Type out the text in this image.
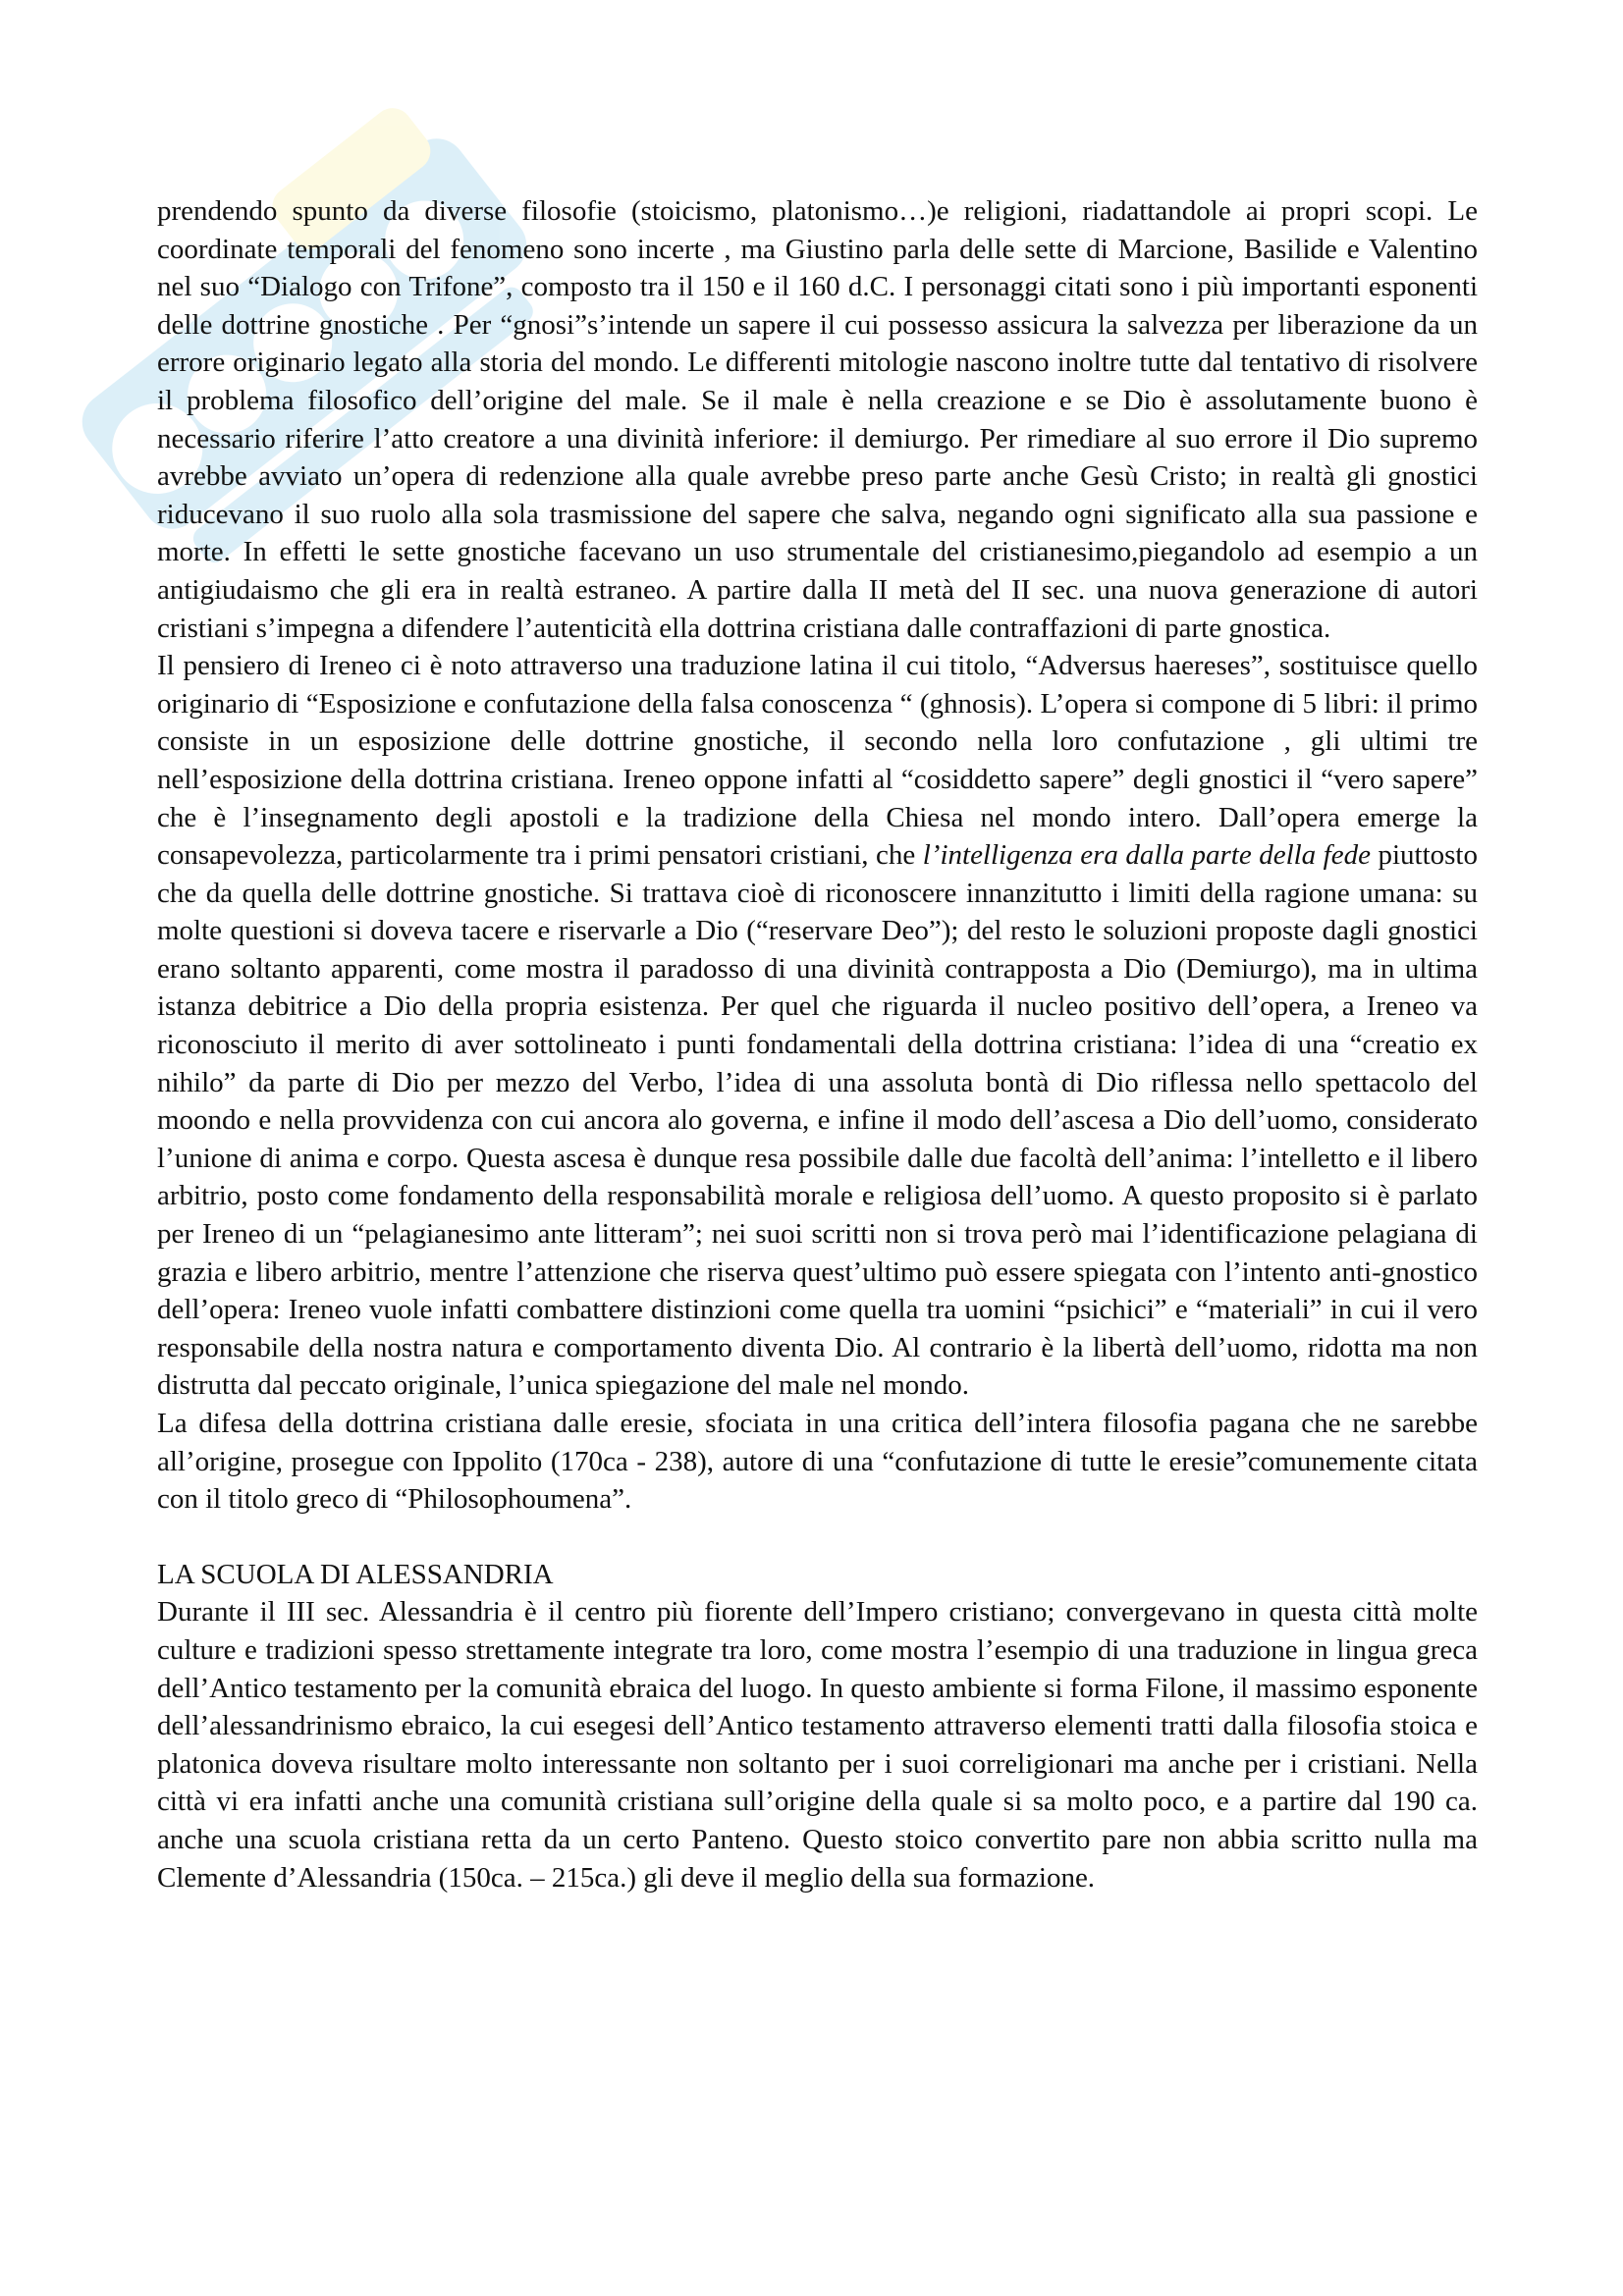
prendendo spunto da diverse filosofie (stoicismo, platonismo…)e religioni, riadattandole ai propri scopi. Le coordinate temporali del fenomeno sono incerte , ma Giustino parla delle sette di Marcione, Basilide e Valentino nel suo “Dialogo con Trifone”, composto tra il 150 e il 160 d.C. I personaggi citati sono i più importanti esponenti delle dottrine gnostiche . Per “gnosi”s’intende un sapere il cui possesso assicura la salvezza per liberazione da un errore originario legato alla storia del mondo. Le differenti mitologie nascono inoltre tutte dal tentativo di risolvere il problema filosofico dell’origine del male. Se il male è nella creazione e se Dio è assolutamente buono è necessario riferire l’atto creatore a una divinità inferiore: il demiurgo. Per rimediare al suo errore il Dio supremo avrebbe avviato un’opera di redenzione alla quale avrebbe preso parte anche Gesù Cristo; in realtà gli gnostici riducevano il suo ruolo alla sola trasmissione del sapere che salva, negando ogni significato alla sua passione e morte. In effetti le sette gnostiche facevano un uso strumentale del cristianesimo,piegandolo ad esempio a un antigiudaismo che gli era in realtà estraneo. A partire dalla II metà del II sec. una nuova generazione di autori cristiani s’impegna a difendere l’autenticità ella dottrina cristiana dalle contraffazioni di parte gnostica.

Il pensiero di Ireneo ci è noto attraverso una traduzione latina il cui titolo, “Adversus haereses”, sostituisce quello originario di “Esposizione e confutazione della falsa conoscenza “ (ghnosis). L’opera si compone di 5 libri: il primo consiste in un esposizione delle dottrine gnostiche, il secondo nella loro confutazione , gli ultimi tre nell’esposizione della dottrina cristiana. Ireneo oppone infatti al “cosiddetto sapere” degli gnostici il “vero sapere” che è l’insegnamento degli apostoli e la tradizione della Chiesa nel mondo intero. Dall’opera emerge la consapevolezza, particolarmente tra i primi pensatori cristiani, che l’intelligenza era dalla parte della fede piuttosto che da quella delle dottrine gnostiche. Si trattava cioè di riconoscere innanzitutto i limiti della ragione umana: su molte questioni si doveva tacere e riservarle a Dio (“reservare Deo”); del resto le soluzioni proposte dagli gnostici erano soltanto apparenti, come mostra il paradosso di una divinità contrapposta a Dio (Demiurgo), ma in ultima istanza debitrice a Dio della propria esistenza. Per quel che riguarda il nucleo positivo dell’opera, a Ireneo va riconosciuto il merito di aver sottolineato i punti fondamentali della dottrina cristiana: l’idea di una “creatio ex nihilo” da parte di Dio per mezzo del Verbo, l’idea di una assoluta bontà di Dio riflessa nello spettacolo del moondo e nella provvidenza con cui ancora alo governa, e infine il modo dell’ascesa a Dio dell’uomo, considerato l’unione di anima e corpo. Questa ascesa è dunque resa possibile dalle due facoltà dell’anima: l’intelletto e il libero arbitrio, posto come fondamento della responsabilità morale e religiosa dell’uomo. A questo proposito si è parlato per Ireneo di un “pelagianesimo ante litteram”; nei suoi scritti non si trova però mai l’identificazione pelagiana di grazia e libero arbitrio, mentre l’attenzione che riserva quest’ultimo può essere spiegata con l’intento anti-gnostico dell’opera: Ireneo vuole infatti combattere distinzioni come quella tra uomini “psichici” e “materiali” in cui il vero responsabile della nostra natura e comportamento diventa Dio. Al contrario è la libertà dell’uomo, ridotta ma non distrutta dal peccato originale, l’unica spiegazione del male nel mondo.

La difesa della dottrina cristiana dalle eresie, sfociata in una critica dell’intera filosofia pagana che ne sarebbe all’origine, prosegue con Ippolito (170ca - 238), autore di una “confutazione di tutte le eresie”comunemente citata con il titolo greco di “Philosophoumena”.

LA SCUOLA DI ALESSANDRIA

Durante il III sec. Alessandria è il centro più fiorente dell’Impero cristiano; convergevano in questa città molte culture e tradizioni spesso strettamente integrate tra loro, come mostra l’esempio di una traduzione in lingua greca dell’Antico testamento per la comunità ebraica del luogo. In questo ambiente si forma Filone, il massimo esponente dell’alessandrinismo ebraico, la cui esegesi dell’Antico testamento attraverso elementi tratti dalla filosofia stoica e platonica doveva risultare molto interessante non soltanto per i suoi correligionari ma anche per i cristiani. Nella città vi era infatti anche una comunità cristiana sull’origine della quale si sa molto poco, e a partire dal 190 ca. anche una scuola cristiana retta da un certo Panteno. Questo stoico convertito pare non abbia scritto nulla ma Clemente d’Alessandria (150ca. – 215ca.) gli deve il meglio della sua formazione.
